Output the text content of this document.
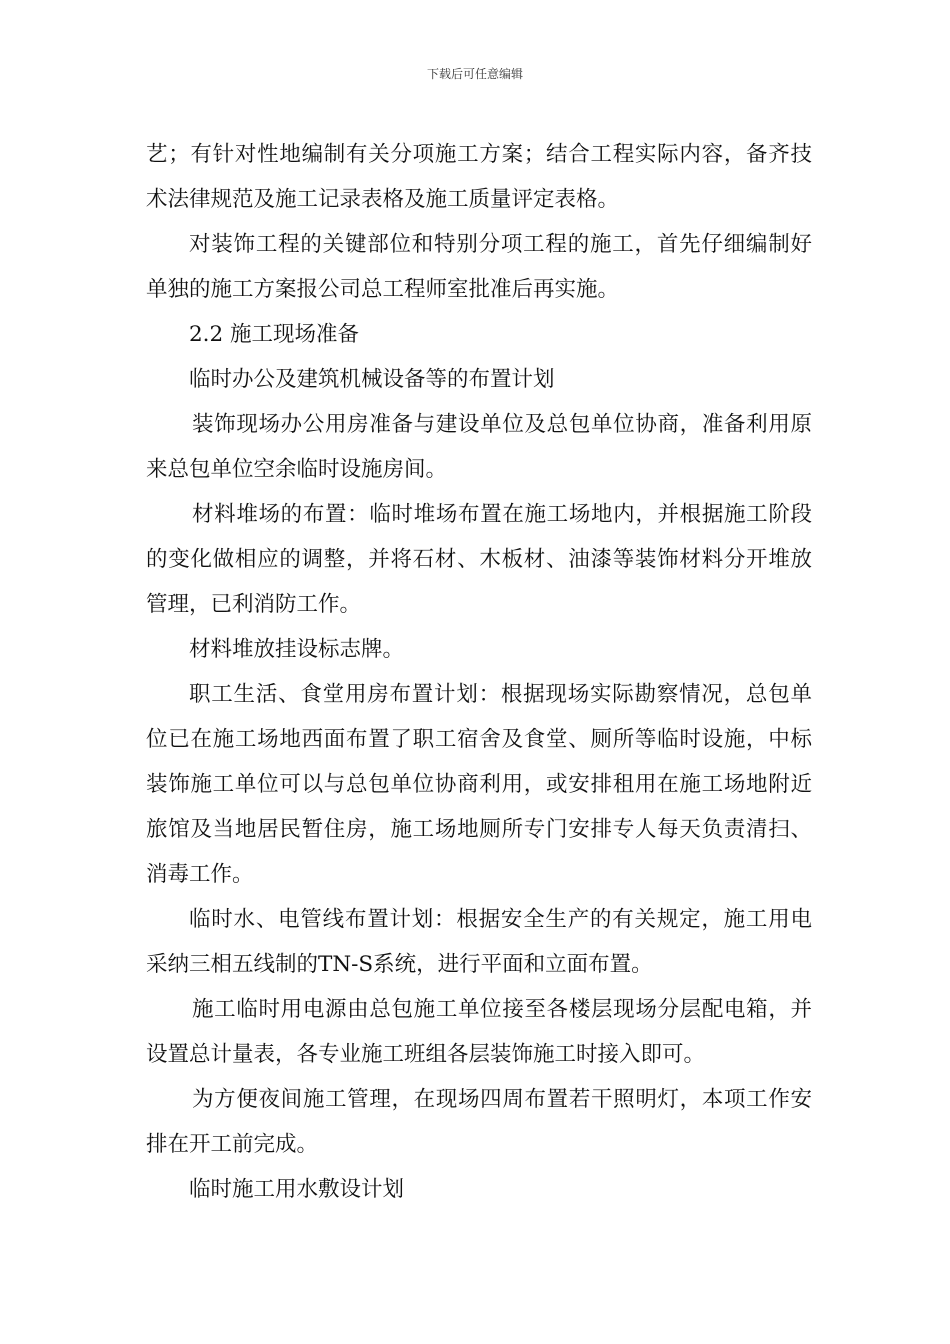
下载后可任意编辑

艺；有针对性地编制有关分项施工方案；结合工程实际内容，备齐技术法律规范及施工记录表格及施工质量评定表格。

对装饰工程的关键部位和特别分项工程的施工，首先仔细编制好单独的施工方案报公司总工程师室批准后再实施。

2.2 施工现场准备

临时办公及建筑机械设备等的布置计划

装饰现场办公用房准备与建设单位及总包单位协商，准备利用原来总包单位空余临时设施房间。

材料堆场的布置：临时堆场布置在施工场地内，并根据施工阶段的变化做相应的调整，并将石材、木板材、油漆等装饰材料分开堆放管理，已利消防工作。

材料堆放挂设标志牌。

职工生活、食堂用房布置计划：根据现场实际勘察情况，总包单位已在施工场地西面布置了职工宿舍及食堂、厕所等临时设施，中标装饰施工单位可以与总包单位协商利用，或安排租用在施工场地附近旅馆及当地居民暂住房，施工场地厕所专门安排专人每天负责清扫、消毒工作。

临时水、电管线布置计划：根据安全生产的有关规定，施工用电采纳三相五线制的TN-S系统，进行平面和立面布置。

施工临时用电源由总包施工单位接至各楼层现场分层配电箱，并设置总计量表，各专业施工班组各层装饰施工时接入即可。

为方便夜间施工管理，在现场四周布置若干照明灯，本项工作安排在开工前完成。

临时施工用水敷设计划
